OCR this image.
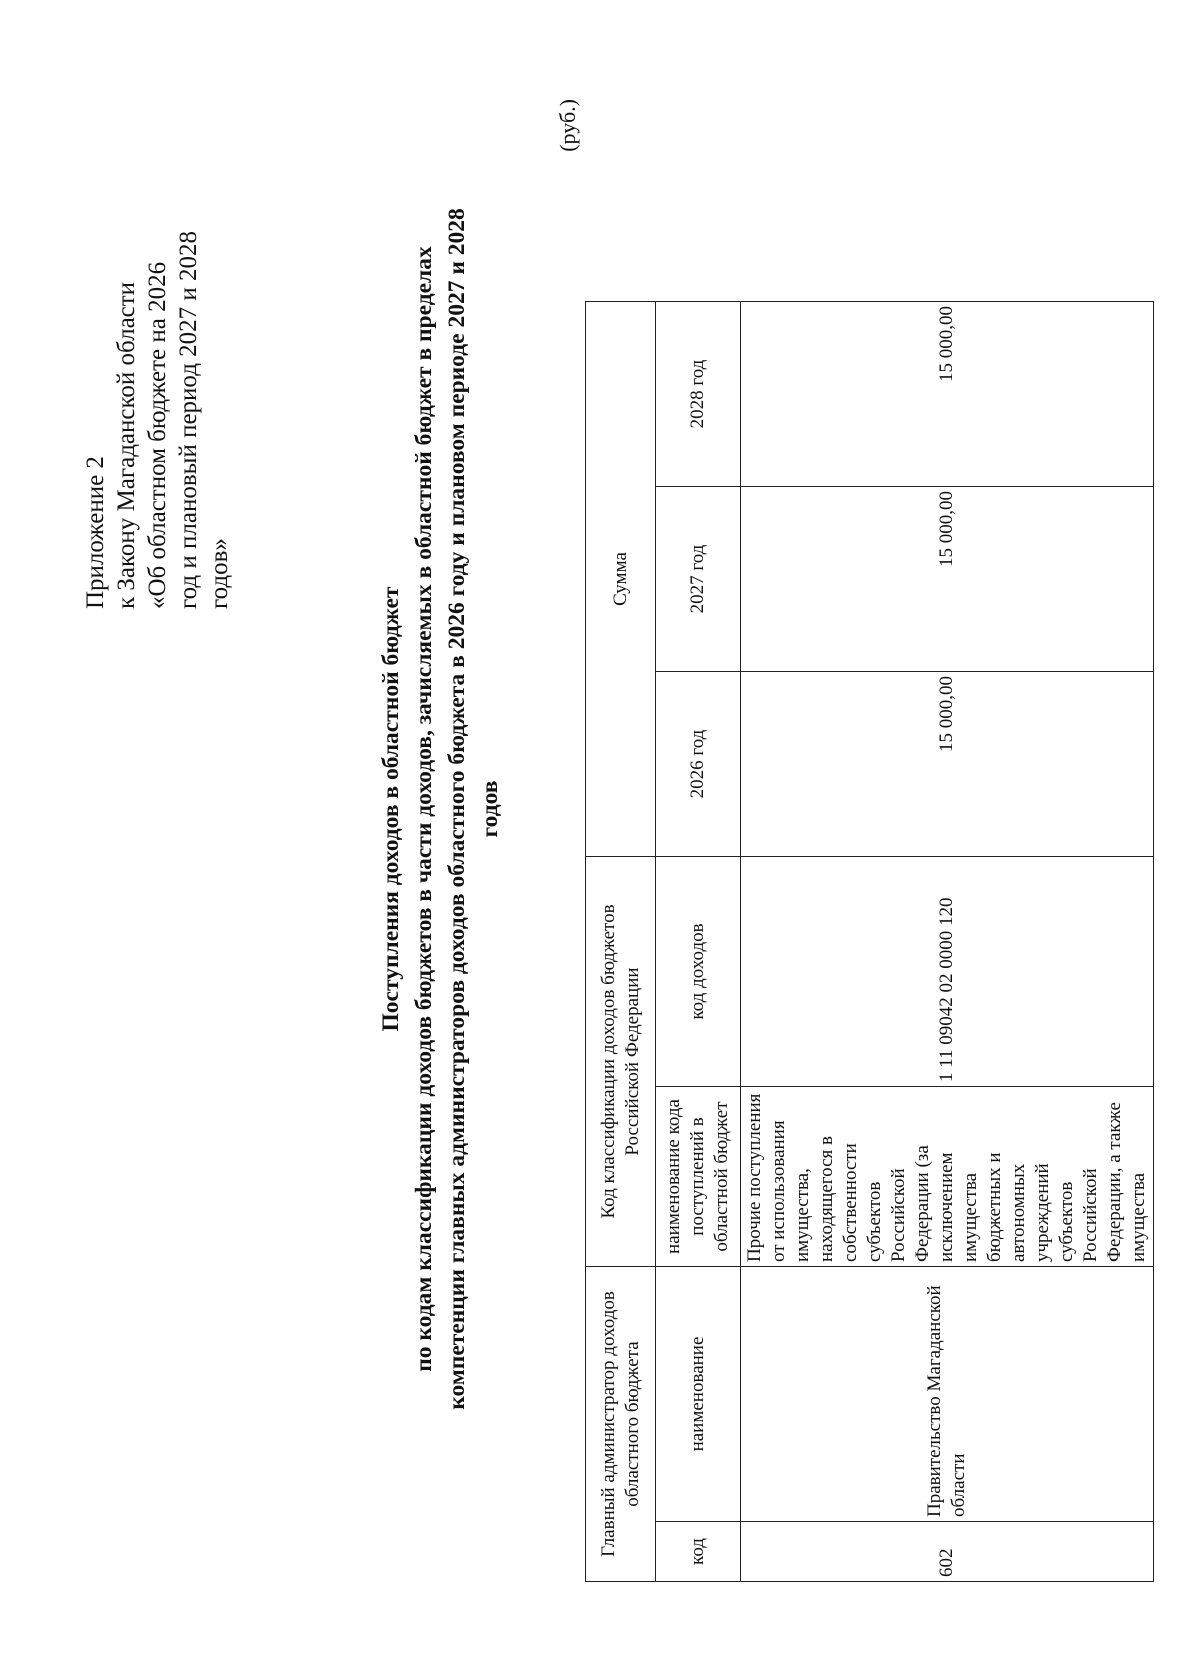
Приложение 2 к Закону Магаданской области «Об областном бюджете на 2026 год и плановый период 2027 и 2028 годов»
Поступления доходов в областной бюджет по кодам классификации доходов бюджетов в части доходов, зачисляемых в областной бюджет в пределах компетенции главных администраторов доходов областного бюджета в 2026 году и плановом периоде 2027 и 2028 годов
(руб.)
Главный администратор доходов областного бюджета		Код классификации доходов бюджетов Российской Федерации		Сумма		
код	наименование	наименование кода поступлений в областной бюджет	код доходов	2026 год	2027 год	2028 год
602	Правительство Магаданской области	Прочие поступления от использования имущества, находящегося в собственности субъектов Российской Федерации (за исключением имущества бюджетных и автономных учреждений субъектов Российской Федерации, а также имущества	1 11 09042 02 0000 120	15 000,00	15 000,00	15 000,00
